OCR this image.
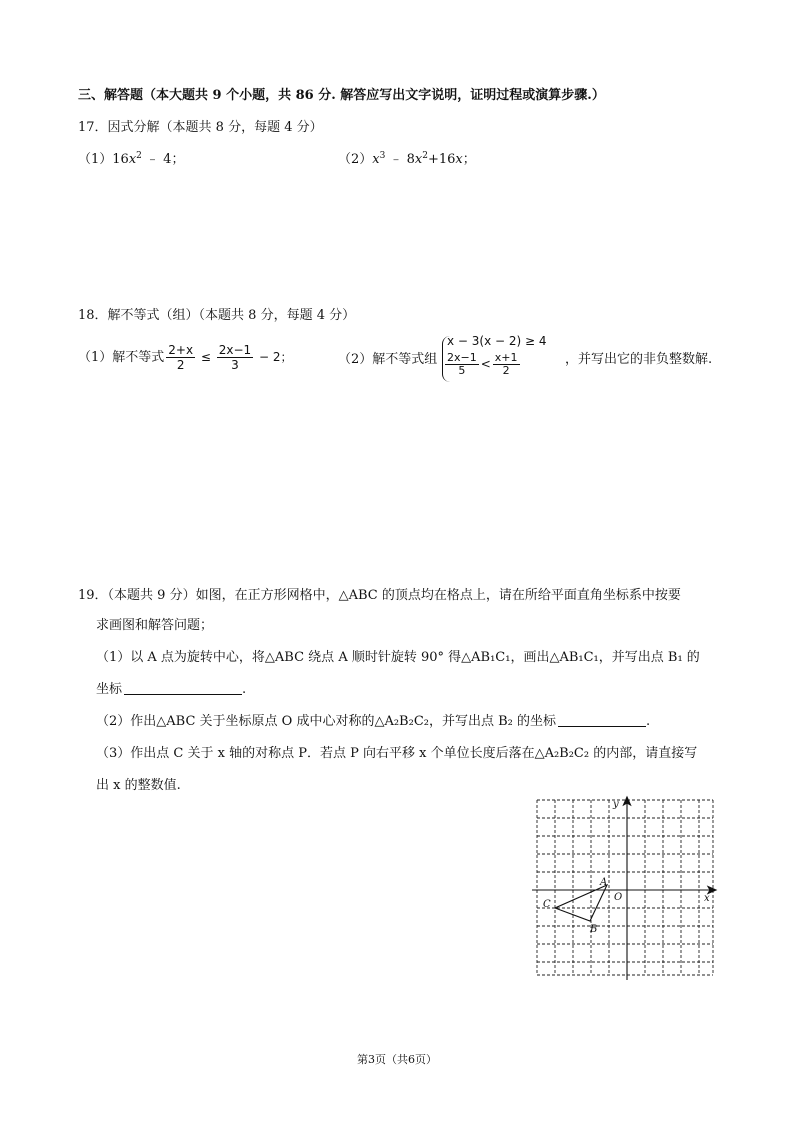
三、解答题（本大题共 9 个小题，共 86 分. 解答应写出文字说明，证明过程或演算步骤.）
17．因式分解（本题共 8 分，每题 4 分）
$(1)16x^2$ ﹣ 4；	$(2)x^3$ ﹣ $8x^2+16x$；
18．解不等式（组）（本题共 8 分，每题 4 分）
（1）解不等式 $\frac{2+x}{2} \le \frac{2x-1}{3} - 2$；	（2）解不等式组
x − 3(x − 2) ≥ 4
$\frac{2x-1}{5} < \frac{x+1}{2}$	，并写出它的非负整数解.
19．（本题共 9 分）如图，在正方形网格中，△ABC 的顶点均在格点上，请在所给平面直角坐标系中按要
求画图和解答问题；
（1）以 A 点为旋转中心，将△ABC 绕点 A 顺时针旋转 90° 得△AB₁C₁，画出△AB₁C₁，并写出点 B₁ 的
坐标	.
（2）作出△ABC 关于坐标原点 O 成中心对称的△A₂B₂C₂，并写出点 B₂ 的坐标	.
（3）作出点 C 关于 x 轴的对称点 P．若点 P 向右平移 x 个单位长度后落在△A₂B₂C₂ 的内部，请直接写
出 x 的整数值.
A
B
C
O	x
y
第3页（共6页）
